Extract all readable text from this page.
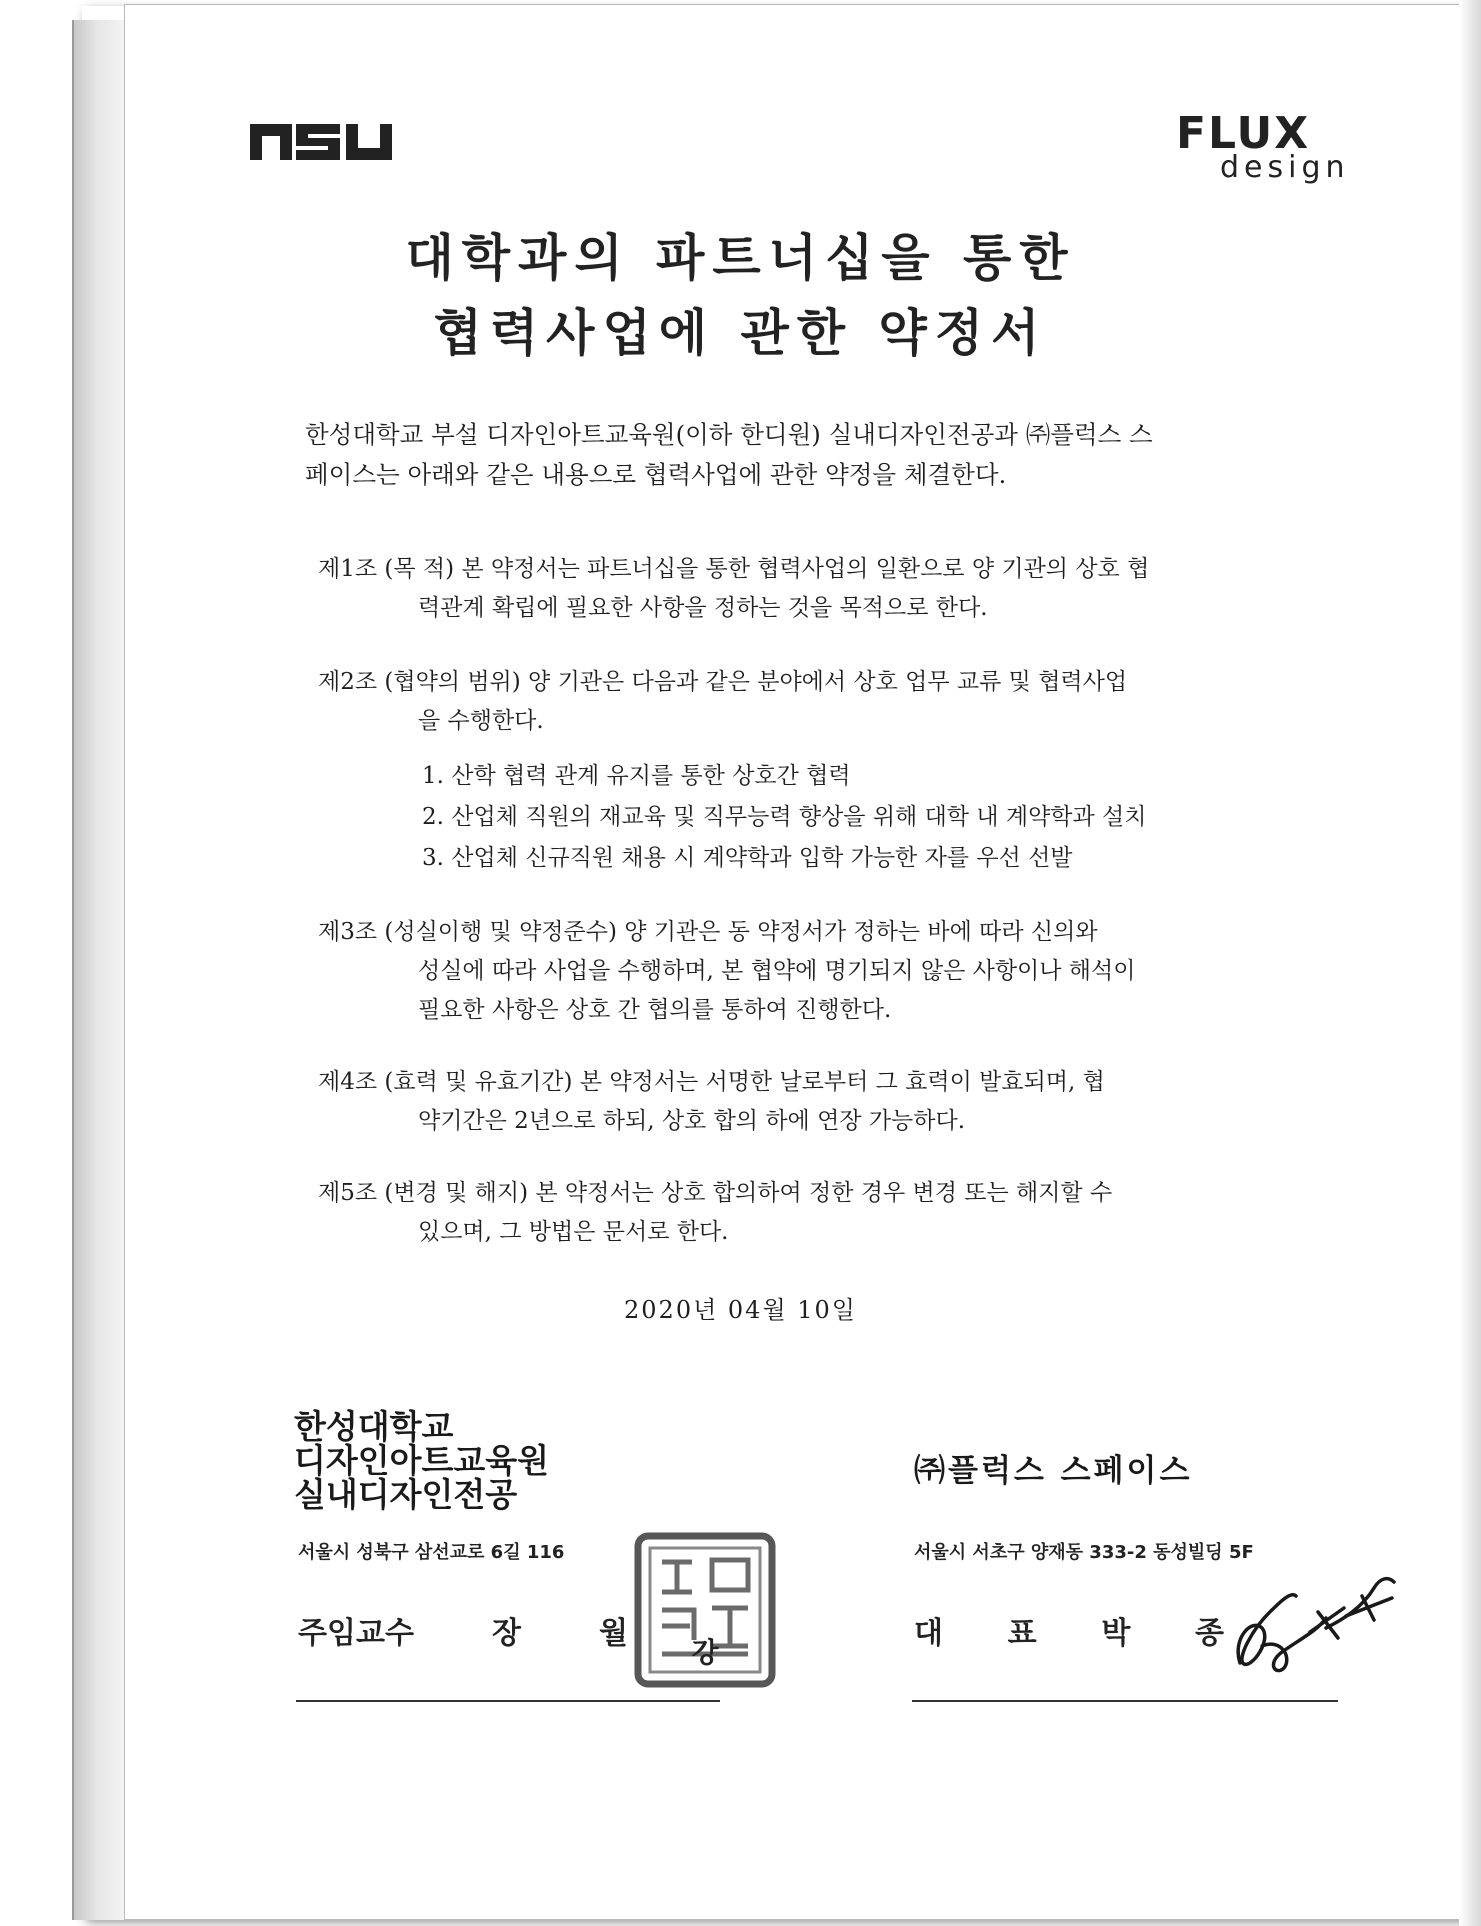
FLUX
design
대학과의 파트너십을 통한
협력사업에 관한 약정서
한성대학교 부설 디자인아트교육원(이하 한디원) 실내디자인전공과 ㈜플럭스 스
페이스는 아래와 같은 내용으로 협력사업에 관한 약정을 체결한다.
제1조 (목 적) 본 약정서는 파트너십을 통한 협력사업의 일환으로 양 기관의 상호 협
력관계 확립에 필요한 사항을 정하는 것을 목적으로 한다.
제2조 (협약의 범위) 양 기관은 다음과 같은 분야에서 상호 업무 교류 및 협력사업
을 수행한다.
1. 산학 협력 관계 유지를 통한 상호간 협력
2. 산업체 직원의 재교육 및 직무능력 향상을 위해 대학 내 계약학과 설치
3. 산업체 신규직원 채용 시 계약학과 입학 가능한 자를 우선 선발
제3조 (성실이행 및 약정준수) 양 기관은 동 약정서가 정하는 바에 따라 신의와
성실에 따라 사업을 수행하며, 본 협약에 명기되지 않은 사항이나 해석이
필요한 사항은 상호 간 협의를 통하여 진행한다.
제4조 (효력 및 유효기간) 본 약정서는 서명한 날로부터 그 효력이 발효되며, 협
약기간은 2년으로 하되, 상호 합의 하에 연장 가능하다.
제5조 (변경 및 해지) 본 약정서는 상호 합의하여 정한 경우 변경 또는 해지할 수
있으며, 그 방법은 문서로 한다.
2020년 04월 10일
한성대학교
디자인아트교육원
실내디자인전공
㈜플럭스 스페이스
서울시 성북구 삼선교로 6길 116	서울시 서초구 양재동 333-2 동성빌딩 5F
주임교수	장	월	대 표 박 종
강
